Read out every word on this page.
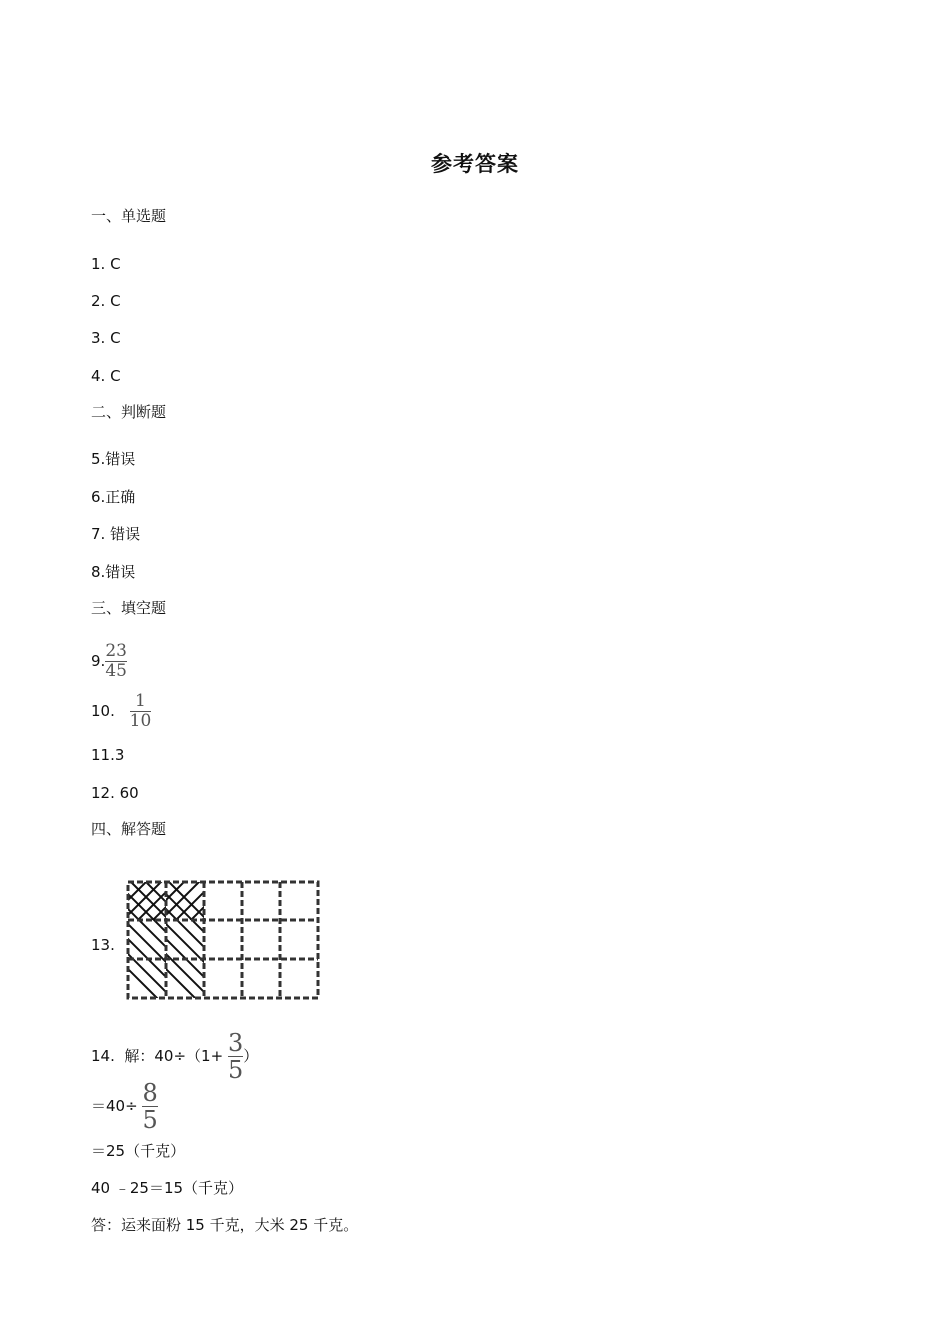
参考答案
一、单选题
1. C
2. C
3. C
4. C
二、判断题
5.错误
6.正确
7. 错误
8.错误
三、填空题
9. $\frac{23}{45}$
10. $\frac{1}{10}$
11.3
12. 60
四、解答题
13.
14.  解：$40\div(1+ \frac{3}{5}$ ）
$=40\div \frac{8}{5}$
＝25（千克）
40 ﹣25＝15（千克）
答：运来面粉 15 千克，大米 25 千克。
